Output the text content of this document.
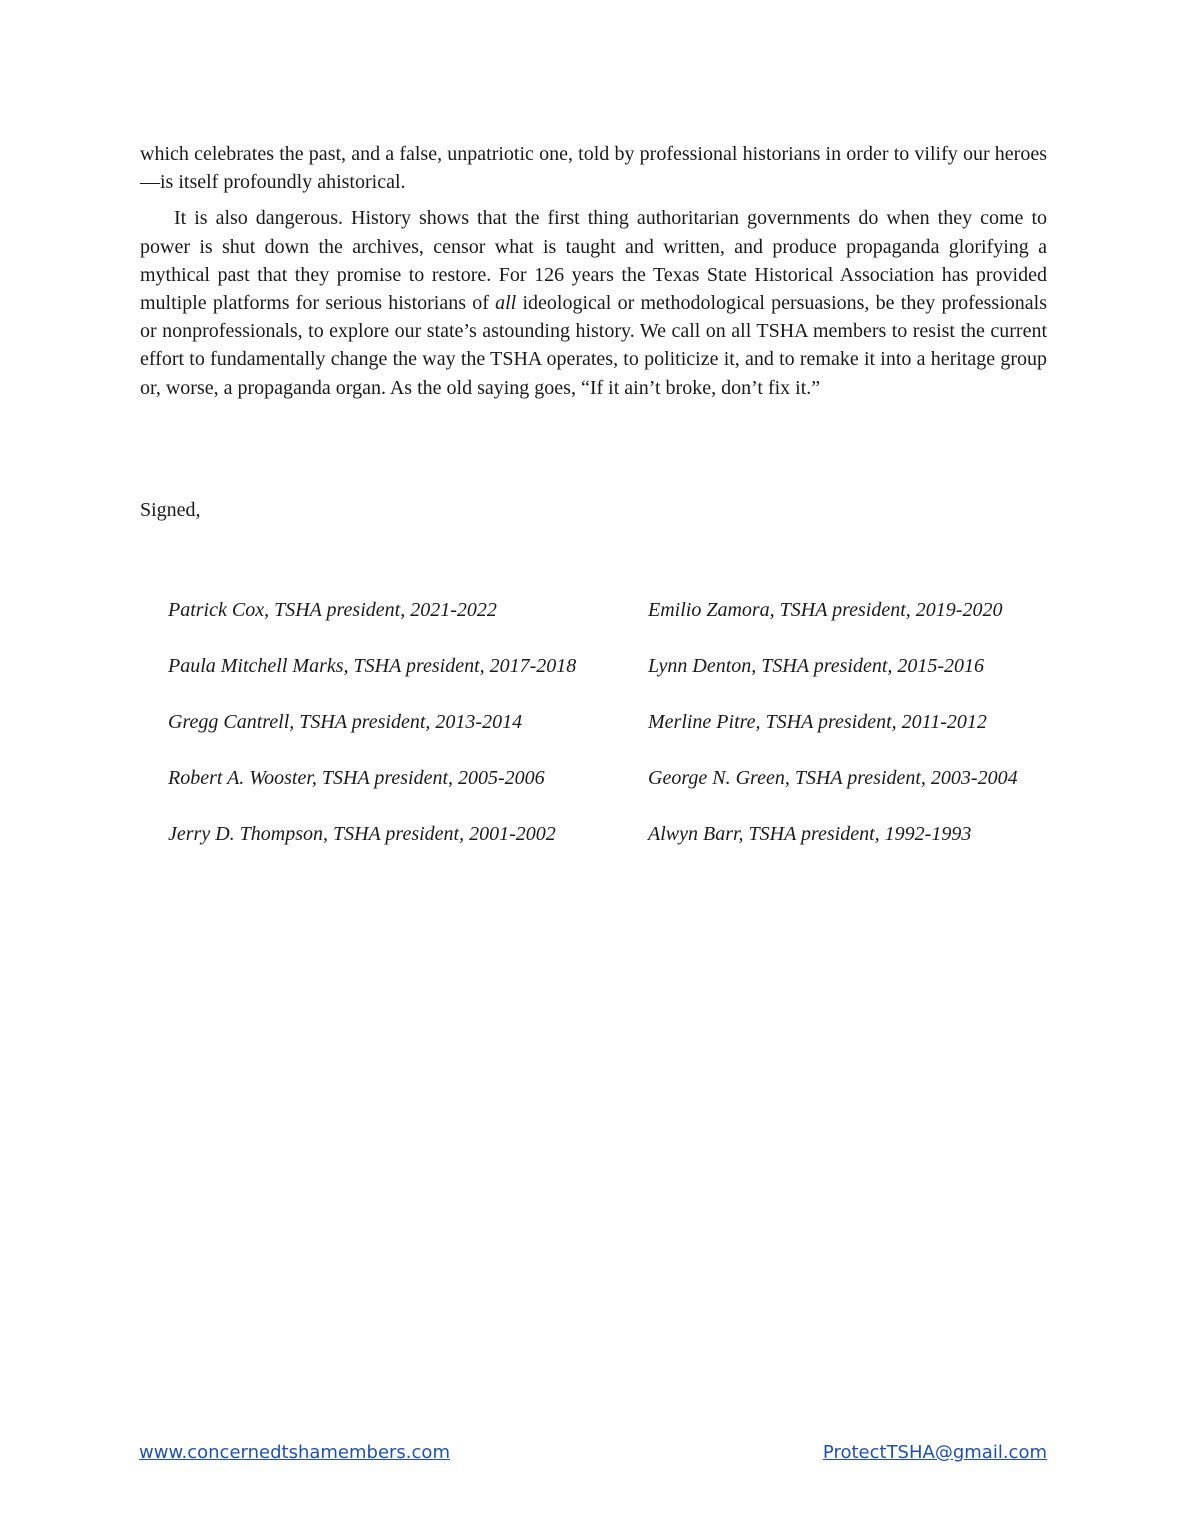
which celebrates the past, and a false, unpatriotic one, told by professional historians in order to vilify our heroes—is itself profoundly ahistorical.

It is also dangerous. History shows that the first thing authoritarian governments do when they come to power is shut down the archives, censor what is taught and written, and produce propaganda glorifying a mythical past that they promise to restore. For 126 years the Texas State Historical Association has provided multiple platforms for serious historians of all ideological or methodological persuasions, be they professionals or nonprofessionals, to explore our state’s astounding history. We call on all TSHA members to resist the current effort to fundamentally change the way the TSHA operates, to politicize it, and to remake it into a heritage group or, worse, a propaganda organ. As the old saying goes, “If it ain’t broke, don’t fix it.”

Signed,

Patrick Cox, TSHA president, 2021-2022	Emilio Zamora, TSHA president, 2019-2020
Paula Mitchell Marks, TSHA president, 2017-2018	Lynn Denton, TSHA president, 2015-2016
Gregg Cantrell, TSHA president, 2013-2014	Merline Pitre, TSHA president, 2011-2012
Robert A. Wooster, TSHA president, 2005-2006	George N. Green, TSHA president, 2003-2004
Jerry D. Thompson, TSHA president, 2001-2002	Alwyn Barr, TSHA president, 1992-1993
www.concernedtshamembers.com	ProtectTSHA@gmail.com
